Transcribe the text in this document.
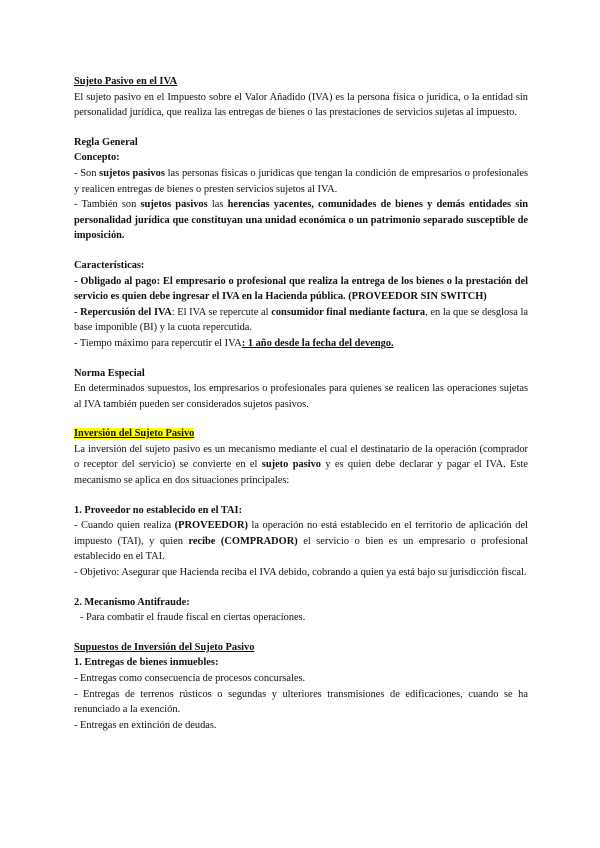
Sujeto Pasivo en el IVA

El sujeto pasivo en el Impuesto sobre el Valor Añadido (IVA) es la persona física o jurídica, o la entidad sin personalidad jurídica, que realiza las entregas de bienes o las prestaciones de servicios sujetas al impuesto.

Regla General

Concepto:

- Son sujetos pasivos las personas físicas o jurídicas que tengan la condición de empresarios o profesionales y realicen entregas de bienes o presten servicios sujetos al IVA.

- También son sujetos pasivos las herencias yacentes, comunidades de bienes y demás entidades sin personalidad jurídica que constituyan una unidad económica o un patrimonio separado susceptible de imposición.

Características:

- Obligado al pago: El empresario o profesional que realiza la entrega de los bienes o la prestación del servicio es quien debe ingresar el IVA en la Hacienda pública. (PROVEEDOR SIN SWITCH)

- Repercusión del IVA: El IVA se repercute al consumidor final mediante factura, en la que se desglosa la base imponible (BI) y la cuota repercutida.

- Tiempo máximo para repercutir el IVA: 1 año desde la fecha del devengo.

Norma Especial

En determinados supuestos, los empresarios o profesionales para quienes se realicen las operaciones sujetas al IVA también pueden ser considerados sujetos pasivos.

Inversión del Sujeto Pasivo

La inversión del sujeto pasivo es un mecanismo mediante el cual el destinatario de la operación (comprador o receptor del servicio) se convierte en el sujeto pasivo y es quien debe declarar y pagar el IVA. Este mecanismo se aplica en dos situaciones principales:

1. Proveedor no establecido en el TAI:

- Cuando quien realiza (PROVEEDOR) la operación no está establecido en el territorio de aplicación del impuesto (TAI), y quien recibe (COMPRADOR) el servicio o bien es un empresario o profesional establecido en el TAI.

- Objetivo: Asegurar que Hacienda reciba el IVA debido, cobrando a quien ya está bajo su jurisdicción fiscal.

2. Mecanismo Antifraude:

- Para combatir el fraude fiscal en ciertas operaciones.

Supuestos de Inversión del Sujeto Pasivo

1. Entregas de bienes inmuebles:

- Entregas como consecuencia de procesos concursales.

- Entregas de terrenos rústicos o segundas y ulteriores transmisiones de edificaciones, cuando se ha renunciado a la exención.

- Entregas en extinción de deudas.
